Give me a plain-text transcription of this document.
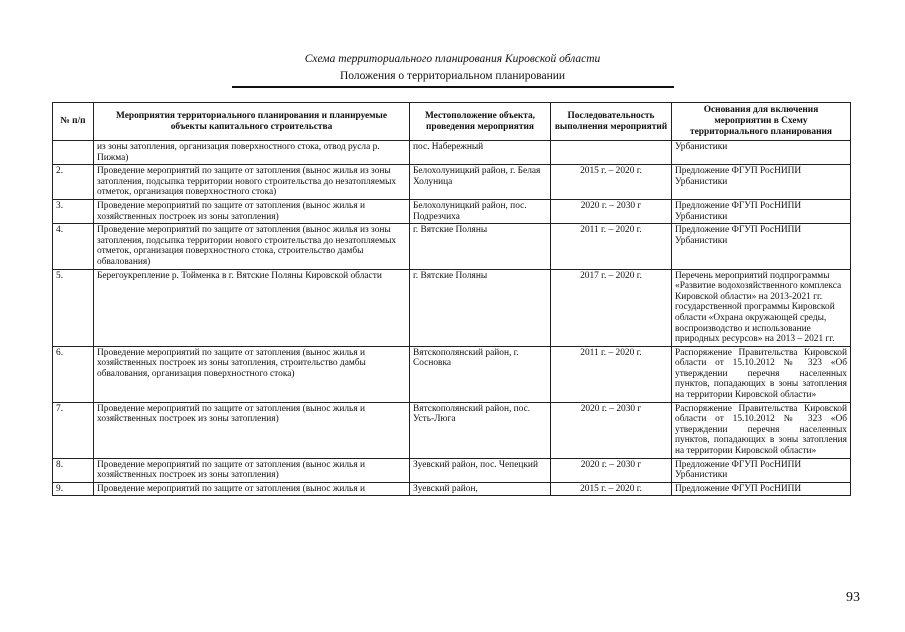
Схема территориального планирования Кировской области
Положения о территориальном планировании
№ п/п	Мероприятия территориального планирования и планируемые объекты капитального строительства	Местоположение объекта, проведения мероприятия	Последовательность выполнения мероприятий	Основания для включения мероприятии в Схему территориального планирования
	из зоны затопления, организация поверхностного стока, отвод русла р. Пижма)	пос. Набережный		Урбанистики
2.	Проведение мероприятий по защите от затопления (вынос жилья из зоны затопления, подсыпка территории нового строительства до незатопляемых отметок, организация поверхностного стока)	Белохолуницкий район, г. Белая Холуница	2015 г. – 2020 г.	Предложение ФГУП РосНИПИ Урбанистики
3.	Проведение мероприятий по защите от затопления (вынос жилья и хозяйственных построек из зоны затопления)	Белохолуницкий район, пос. Подрезчиха	2020 г. – 2030 г	Предложение ФГУП РосНИПИ Урбанистики
4.	Проведение мероприятий по защите от затопления (вынос жилья из зоны затопления, подсыпка территории нового строительства до незатопляемых отметок, организация поверхностного стока, строительство дамбы обвалования)	г. Вятские Поляны	2011 г. – 2020 г.	Предложение ФГУП РосНИПИ Урбанистики
5.	Берегоукрепление р. Тойменка в г. Вятские Поляны Кировской области	г. Вятские Поляны	2017 г. – 2020 г.	Перечень мероприятий подпрограммы «Развитие водохозяйственного комплекса Кировской области» на 2013-2021 гг. государственной программы Кировской области «Охрана окружающей среды, воспроизводство и использование природных ресурсов» на 2013 – 2021 гг.
6.	Проведение мероприятий по защите от затопления (вынос жилья и хозяйственных построек из зоны затопления, строительство дамбы обвалования, организация поверхностного стока)	Вятскополянский район, г. Сосновка	2011 г. – 2020 г.	Распоряжение Правительства Кировской области от 15.10.2012 № 323 «Об утверждении перечня населенных пунктов, попадающих в зоны затопления на территории Кировской области»
7.	Проведение мероприятий по защите от затопления (вынос жилья и хозяйственных построек из зоны затопления)	Вятскополянский район, пос. Усть-Люга	2020 г. – 2030 г	Распоряжение Правительства Кировской области от 15.10.2012 № 323 «Об утверждении перечня населенных пунктов, попадающих в зоны затопления на территории Кировской области»
8.	Проведение мероприятий по защите от затопления (вынос жилья и хозяйственных построек из зоны затопления)	Зуевский район, пос. Чепецкий	2020 г. – 2030 г	Предложение ФГУП РосНИПИ Урбанистики
9.	Проведение мероприятий по защите от затопления (вынос жилья и	Зуевский район,	2015 г. – 2020 г.	Предложение ФГУП РосНИПИ
93
